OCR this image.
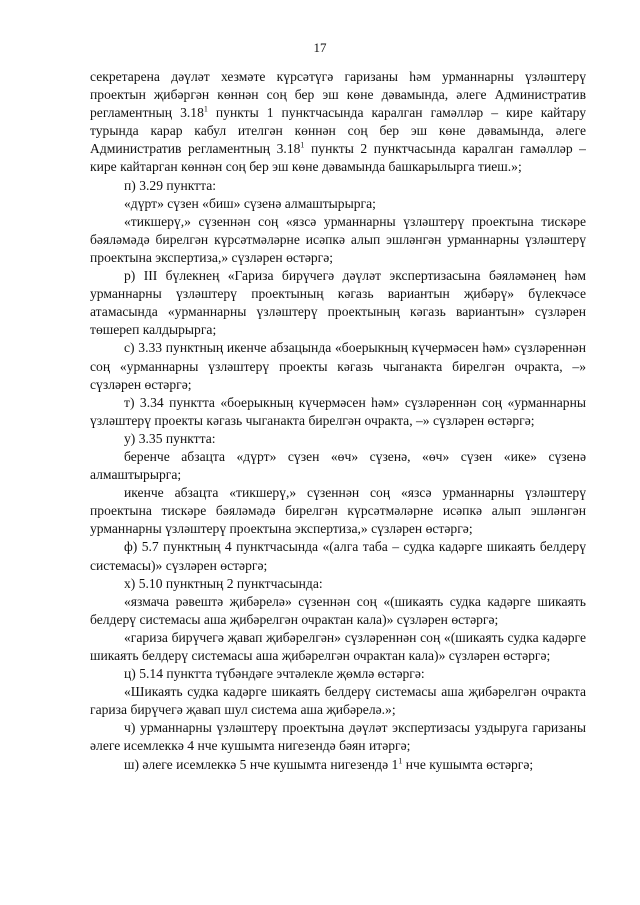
17

секретарена дәүләт хезмәте күрсәтүгә гаризаны һәм урманнарны үзләштерү проектын җибәргән көннән соң бер эш көне дәвамында, әлеге Административ регламентның 3.18$^1$ пункты 1 пунктчасында каралган гамәлләр – кире кайтару турында карар кабул ителгән көннән соң бер эш көне дәвамында, әлеге Административ регламентның 3.18$^1$ пункты 2 пунктчасында каралган гамәлләр – кире кайтарган көннән соң бер эш көне дәвамында башкарылырга тиеш.»;

п) 3.29 пунктта:

«дүрт» сүзен «биш» сүзенә алмаштырырга;

«тикшерү,» сүзеннән соң «язсә урманнарны үзләштерү проектына тискәре бәяләмәдә бирелгән күрсәтмәләрне исәпкә алып эшләнгән урманнарны үзләштерү проектына экспертиза,» сүзләрен өстәргә;

р) III бүлекнең «Гариза бирүчегә дәүләт экспертизасына бәяләмәнең һәм урманнарны үзләштерү проектының кәгазь вариантын җибәрү» бүлекчәсе атамасында «урманнарны үзләштерү проектының кәгазь вариантын» сүзләрен төшереп калдырырга;

с) 3.33 пунктның икенче абзацында «боерыкның күчермәсен һәм» сүзләреннән соң «урманнарны үзләштерү проекты кәгазь чыганакта бирелгән очракта, –» сүзләрен өстәргә;

т) 3.34 пунктта «боерыкның күчермәсен һәм» сүзләреннән соң «урманнарны үзләштерү проекты кәгазь чыганакта бирелгән очракта, –» сүзләрен өстәргә;

у) 3.35 пунктта:

беренче абзацта «дүрт» сүзен «өч» сүзенә, «өч» сүзен «ике» сүзенә алмаштырырга;

икенче абзацта «тикшерү,» сүзеннән соң «язсә урманнарны үзләштерү проектына тискәре бәяләмәдә бирелгән күрсәтмәләрне исәпкә алып эшләнгән урманнарны үзләштерү проектына экспертиза,» сүзләрен өстәргә;

ф) 5.7 пунктның 4 пунктчасында «(алга таба – судка кадәрге шикаять белдерү системасы)» сүзләрен өстәргә;

х) 5.10 пунктның 2 пунктчасында:

«язмача рәвештә җибәрелә» сүзеннән соң «(шикаять судка кадәрге шикаять белдерү системасы аша җибәрелгән очрактан кала)» сүзләрен өстәргә;

«гариза бирүчегә җавап җибәрелгән» сүзләреннән соң «(шикаять судка кадәрге шикаять белдерү системасы аша җибәрелгән очрактан кала)» сүзләрен өстәргә;

ц) 5.14 пунктта түбәндәге эчтәлекле җөмлә өстәргә:

«Шикаять судка кадәрге шикаять белдерү системасы аша җибәрелгән очракта гариза бирүчегә җавап шул система аша җибәрелә.»;

ч) урманнарны үзләштерү проектына дәүләт экспертизасы уздыруга гаризаны әлеге исемлеккә 4 нче кушымта нигезендә бәян итәргә;

ш) әлеге исемлеккә 5 нче кушымта нигезендә $1^1$ нче кушымта өстәргә;
